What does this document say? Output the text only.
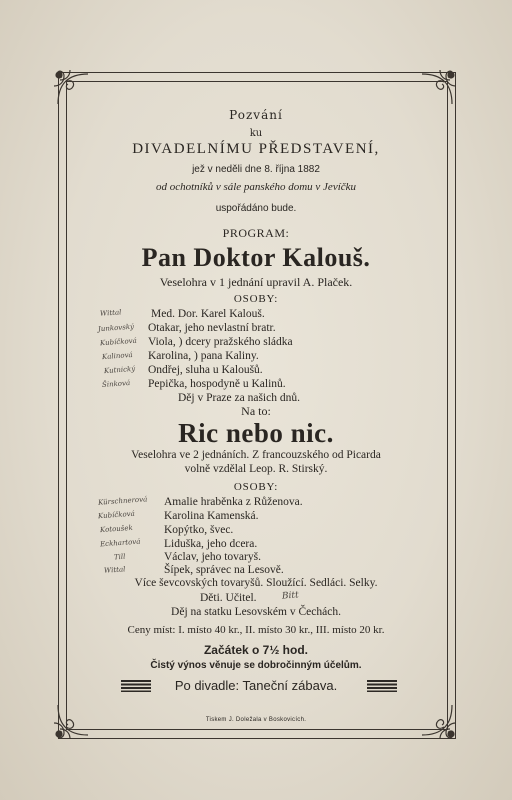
Pozvání
ku
DIVADELNÍMU PŘEDSTAVENÍ,
jež v neděli dne 8. října 1882
od ochotníků v sále panského domu v Jevíčku
uspořádáno bude.
PROGRAM:
Pan Doktor Kalouš.
Veselohra v 1 jednání upravil A. Plaček.
OSOBY:
Wittal	Med. Dor. Karel Kalouš.
Junkovský Otakar, jeho nevlastní bratr.
Kubíčková Viola, ) dcery pražského sládka
Kalinová Karolina, ) pana Kaliny.
Kutnický Ondřej, sluha u Kaloušů.
Šinková Pepička, hospodyně u Kalinů.
Děj v Praze za našich dnů.
Na to:
Ric nebo nic.
Veselohra ve 2 jednáních. Z francouzského od Picarda
volně vzdělal Leop. R. Stirský.
OSOBY:
Kürschnerová Amalie hraběnka z Růženova.
Kubíčková	Karolina Kamenská.
Kotoušek	Kopýtko, švec.
Eckhartová Liduška, jeho dcera.
Till	Václav, jeho tovaryš.
Wittal	Šípek, správec na Lesově.
Více ševcovských tovaryšů. Sloužící. Sedláci. Selky.
Děti. Učitel.	Bitt
Děj na statku Lesovském v Čechách.
Ceny míst: I. místo 40 kr., II. místo 30 kr., III. místo 20 kr.
Začátek o 7½ hod.
Čistý výnos věnuje se dobročinným účelům.
Po divadle: Taneční zábava.
Tiskem J. Doležala v Boskovicích.
